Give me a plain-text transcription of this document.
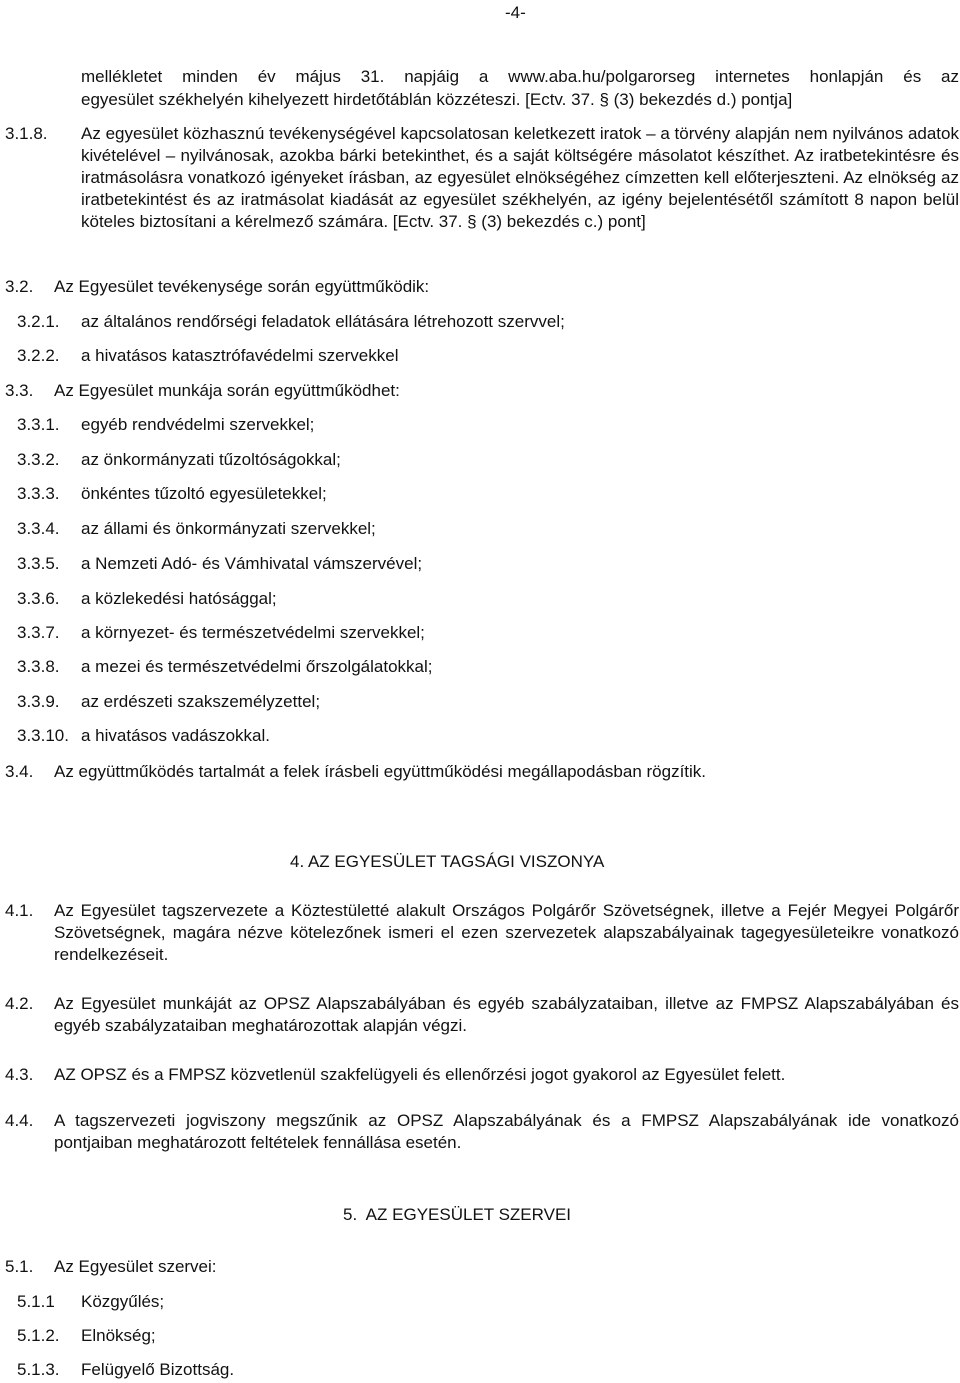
-4-
mellékletet minden év május 31. napjáig a www.aba.hu/polgarorseg internetes honlapján és az
egyesület székhelyén kihelyezett hirdetőtáblán közzéteszi. [Ectv. 37. § (3) bekezdés d.) pontja]
3.1.8. Az egyesület közhasznú tevékenységével kapcsolatosan keletkezett iratok – a törvény alapján nem nyilvános adatok kivételével – nyilvánosak, azokba bárki betekinthet, és a saját költségére másolatot készíthet. Az iratbetekintésre és iratmásolásra vonatkozó igényeket írásban, az egyesület elnökségéhez címzetten kell előterjeszteni. Az elnökség az iratbetekintést és az iratmásolat kiadását az egyesület székhelyén, az igény bejelentésétől számított 8 napon belül köteles biztosítani a kérelmező számára. [Ectv. 37. § (3) bekezdés c.) pont]
3.2. Az Egyesület tevékenysége során együttműködik:
3.2.1. az általános rendőrségi feladatok ellátására létrehozott szervvel;
3.2.2. a hivatásos katasztrófavédelmi szervekkel
3.3. Az Egyesület munkája során együttműködhet:
3.3.1. egyéb rendvédelmi szervekkel;
3.3.2. az önkormányzati tűzoltóságokkal;
3.3.3. önkéntes tűzoltó egyesületekkel;
3.3.4. az állami és önkormányzati szervekkel;
3.3.5. a Nemzeti Adó- és Vámhivatal vámszervével;
3.3.6. a közlekedési hatósággal;
3.3.7. a környezet- és természetvédelmi szervekkel;
3.3.8. a mezei és természetvédelmi őrszolgálatokkal;
3.3.9. az erdészeti szakszemélyzettel;
3.3.10. a hivatásos vadászokkal.
3.4. Az együttműködés tartalmát a felek írásbeli együttműködési megállapodásban rögzítik.
4. AZ EGYESÜLET TAGSÁGI VISZONYA
4.1. Az Egyesület tagszervezete a Köztestületté alakult Országos Polgárőr Szövetségnek, illetve a Fejér Megyei Polgárőr Szövetségnek, magára nézve kötelezőnek ismeri el ezen szervezetek alapszabályainak tagegyesületeikre vonatkozó rendelkezéseit.
4.2. Az Egyesület munkáját az OPSZ Alapszabályában és egyéb szabályzataiban, illetve az FMPSZ Alapszabályában és egyéb szabályzataiban meghatározottak alapján végzi.
4.3. AZ OPSZ és a FMPSZ közvetlenül szakfelügyeli és ellenőrzési jogot gyakorol az Egyesület felett.
4.4. A tagszervezeti jogviszony megszűnik az OPSZ Alapszabályának és a FMPSZ Alapszabályának ide vonatkozó pontjaiban meghatározott feltételek fennállása esetén.
5.  AZ EGYESÜLET SZERVEI
5.1. Az Egyesület szervei:
5.1.1 Közgyűlés;
5.1.2. Elnökség;
5.1.3. Felügyelő Bizottság.
